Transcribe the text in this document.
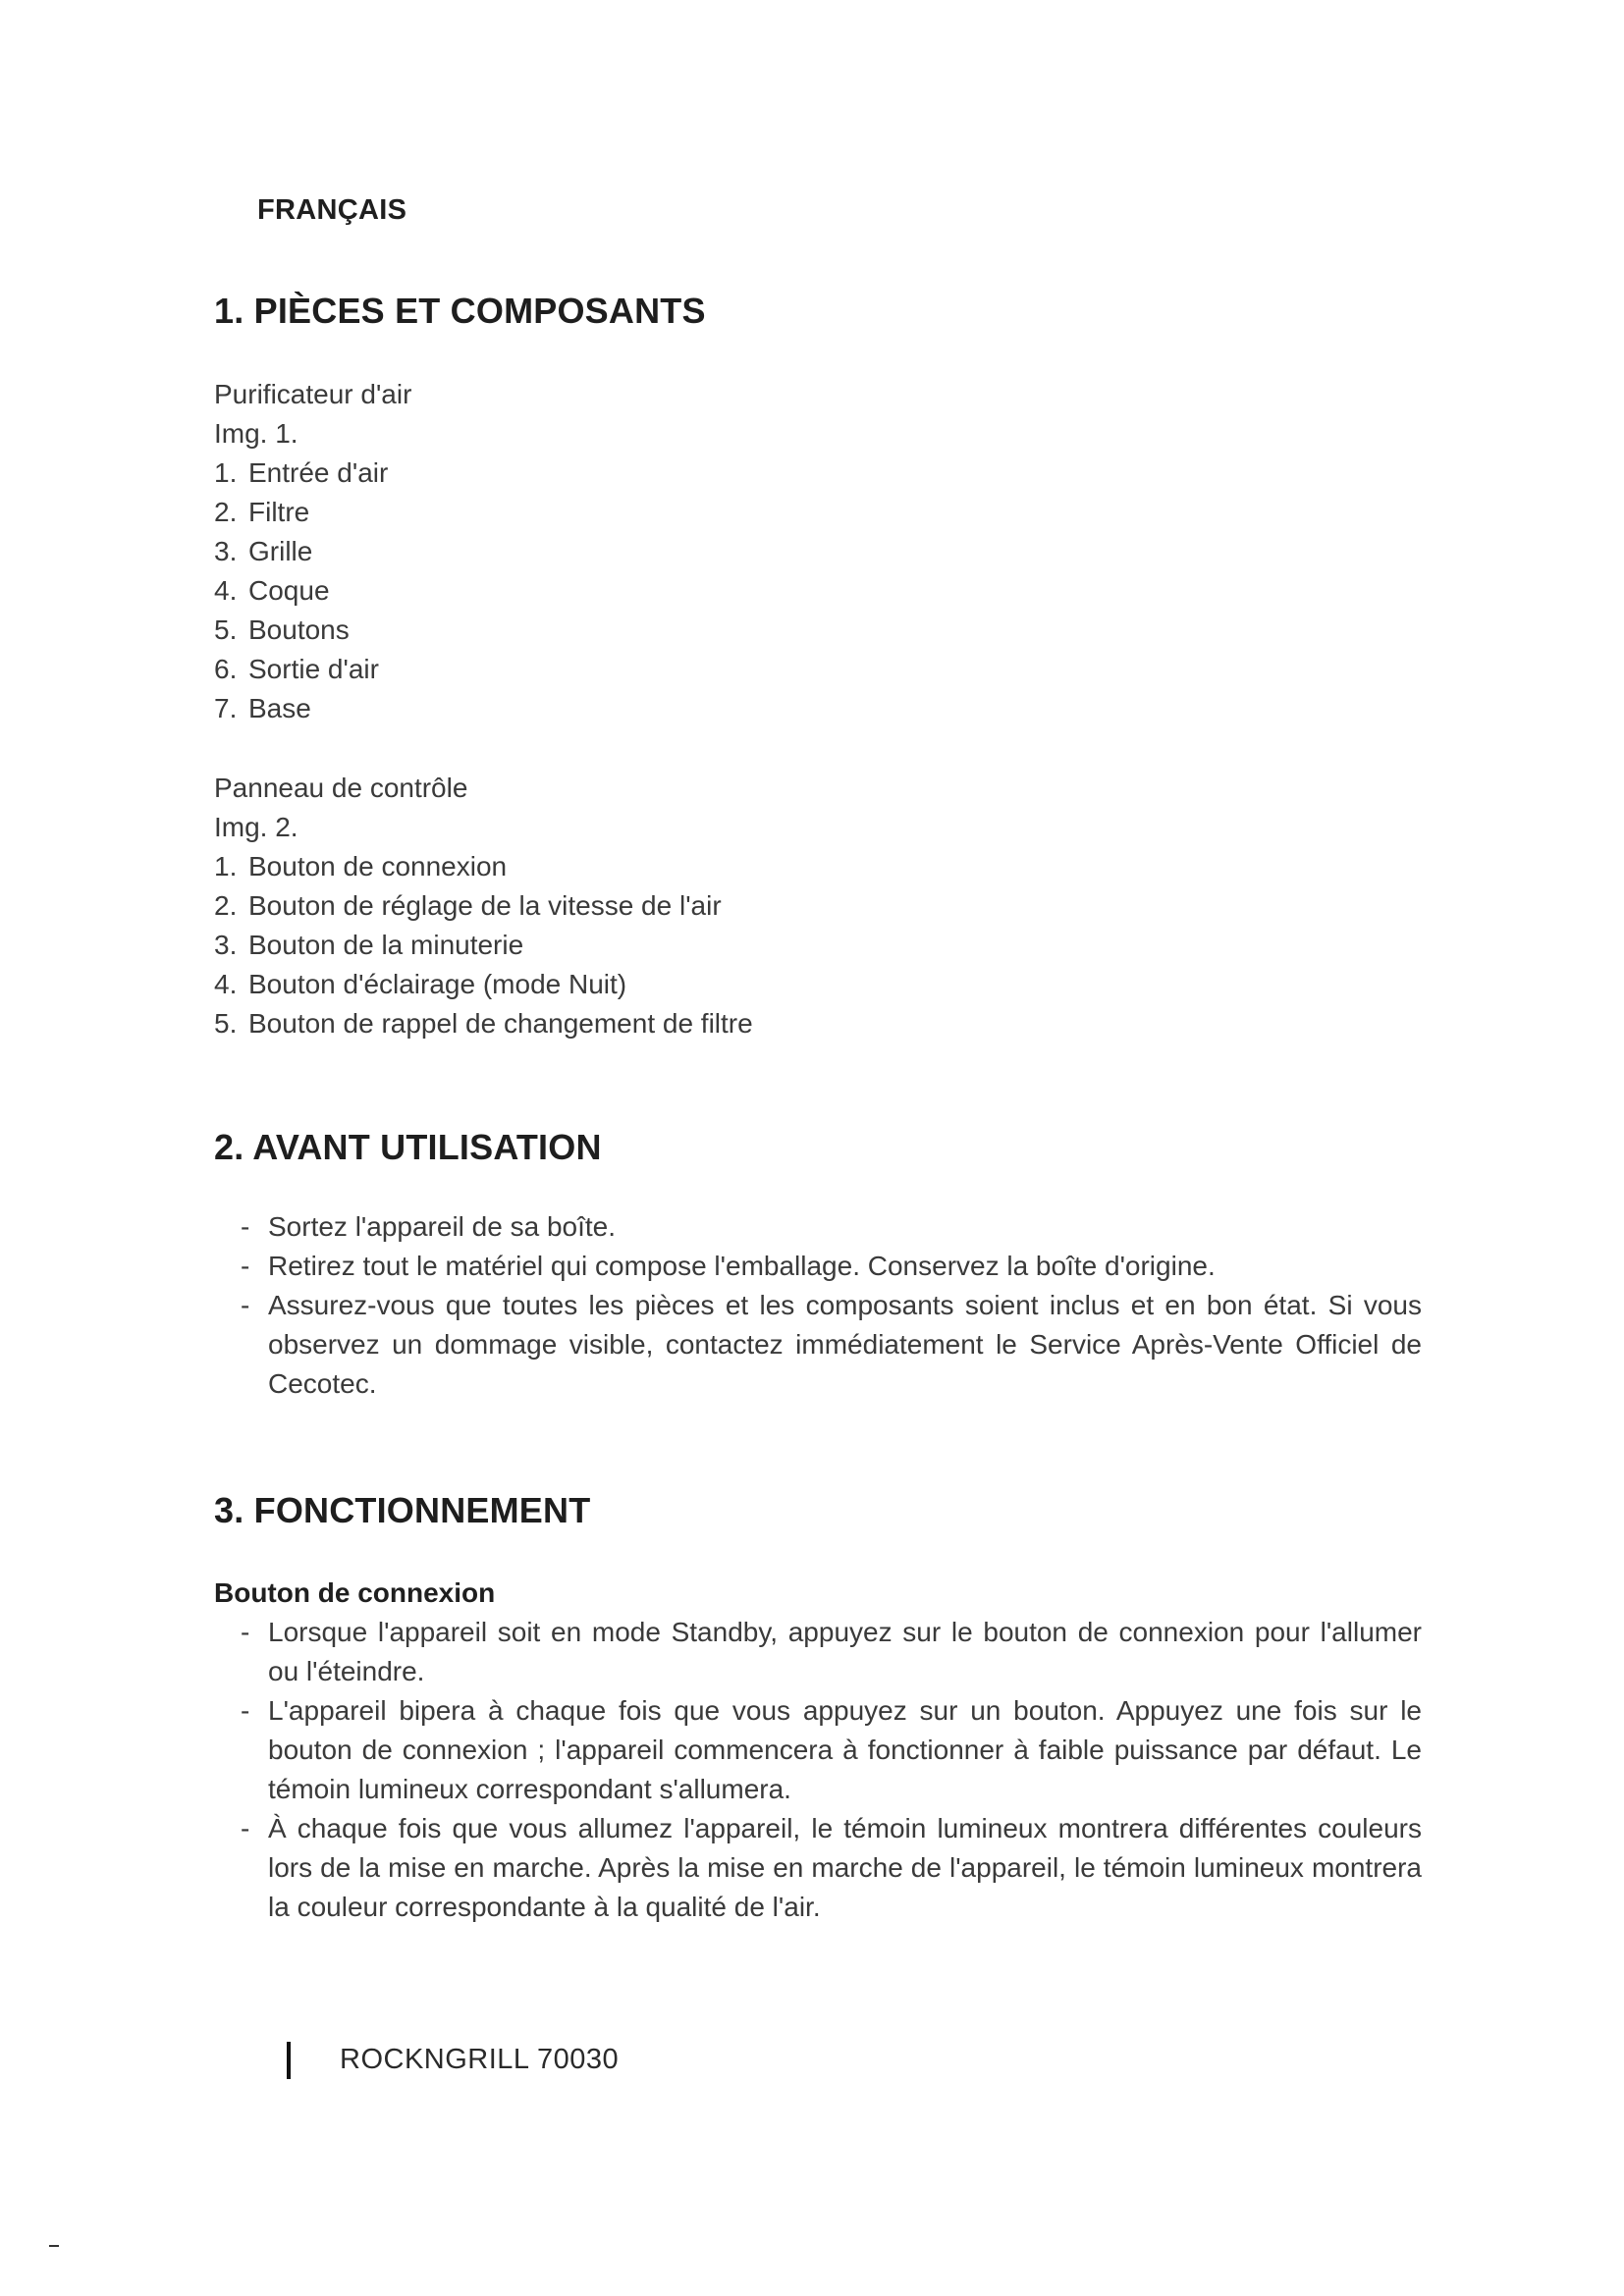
FRANÇAIS
1. PIÈCES ET COMPOSANTS
Purificateur d'air
Img. 1.
1. Entrée d'air
2. Filtre
3. Grille
4. Coque
5. Boutons
6. Sortie d'air
7. Base
Panneau de contrôle
Img. 2.
1. Bouton de connexion
2. Bouton de réglage de la vitesse de l'air
3. Bouton de la minuterie
4. Bouton d'éclairage (mode Nuit)
5. Bouton de rappel de changement de filtre
2. AVANT UTILISATION
- Sortez l'appareil de sa boîte.
- Retirez tout le matériel qui compose l'emballage. Conservez la boîte d'origine.
- Assurez-vous que toutes les pièces et les composants soient inclus et en bon état. Si vous observez un dommage visible, contactez immédiatement le Service Après-Vente Officiel de Cecotec.
3. FONCTIONNEMENT
Bouton de connexion
- Lorsque l'appareil soit en mode Standby, appuyez sur le bouton de connexion pour l'allumer ou l'éteindre.
- L'appareil bipera à chaque fois que vous appuyez sur un bouton. Appuyez une fois sur le bouton de connexion ; l'appareil commencera à fonctionner à faible puissance par défaut. Le témoin lumineux correspondant s'allumera.
- À chaque fois que vous allumez l'appareil, le témoin lumineux montrera différentes couleurs lors de la mise en marche. Après la mise en marche de l'appareil, le témoin lumineux montrera la couleur correspondante à la qualité de l'air.
ROCKNGRILL 70030
